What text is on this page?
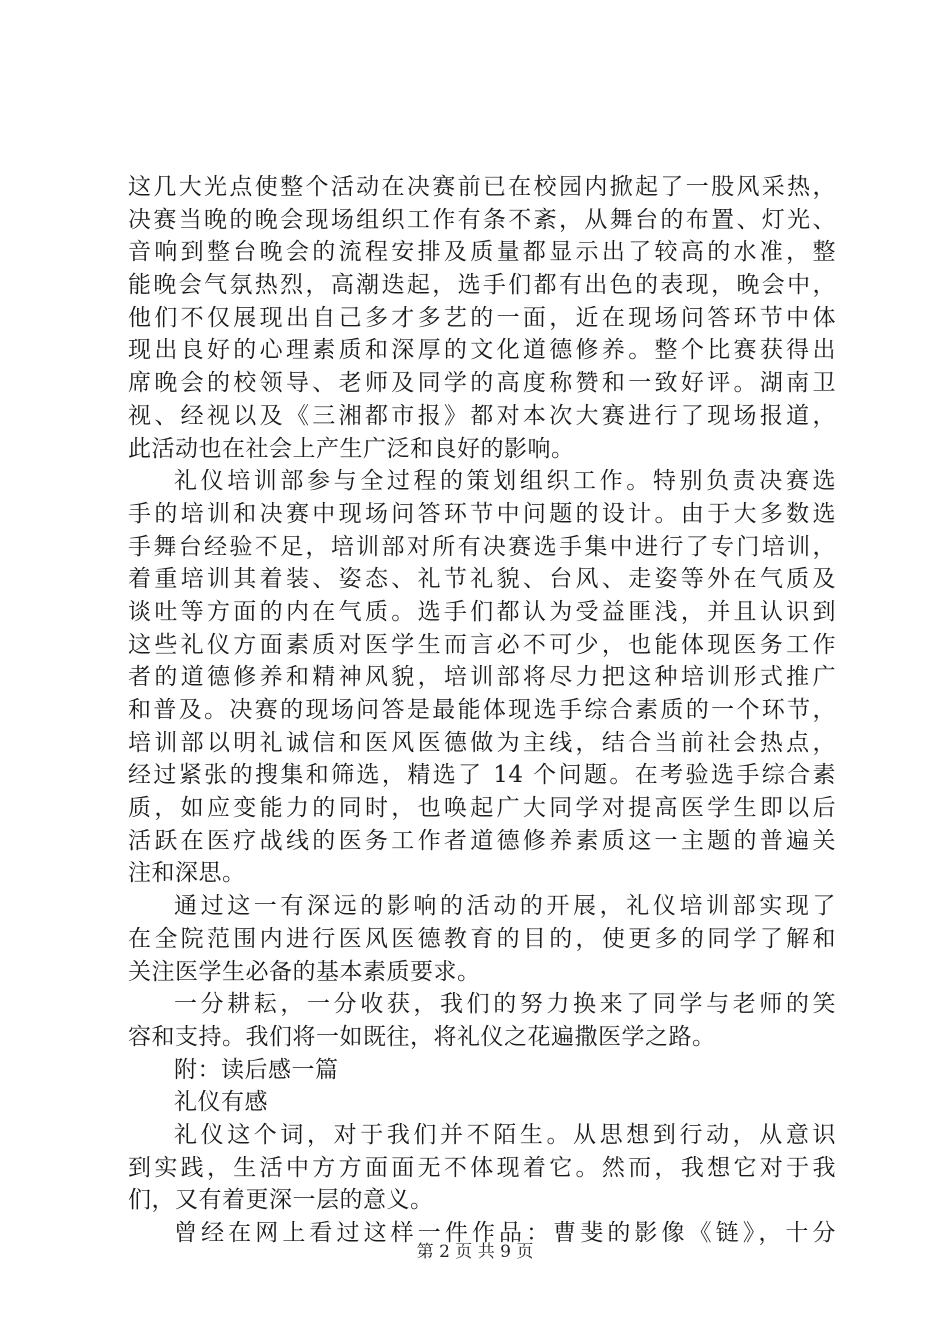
这几大光点使整个活动在决赛前已在校园内掀起了一股风采热，
决赛当晚的晚会现场组织工作有条不紊，从舞台的布置、灯光、
音响到整台晚会的流程安排及质量都显示出了较高的水准，整
能晚会气氛热烈，高潮迭起，选手们都有出色的表现，晚会中，
他们不仅展现出自己多才多艺的一面，近在现场问答环节中体
现出良好的心理素质和深厚的文化道德修养。整个比赛获得出
席晚会的校领导、老师及同学的高度称赞和一致好评。湖南卫
视、经视以及《三湘都市报》都对本次大赛进行了现场报道，
此活动也在社会上产生广泛和良好的影响。
礼仪培训部参与全过程的策划组织工作。特别负责决赛选
手的培训和决赛中现场问答环节中问题的设计。由于大多数选
手舞台经验不足，培训部对所有决赛选手集中进行了专门培训，
着重培训其着装、姿态、礼节礼貌、台风、走姿等外在气质及
谈吐等方面的内在气质。选手们都认为受益匪浅，并且认识到
这些礼仪方面素质对医学生而言必不可少，也能体现医务工作
者的道德修养和精神风貌，培训部将尽力把这种培训形式推广
和普及。决赛的现场问答是最能体现选手综合素质的一个环节，
培训部以明礼诚信和医风医德做为主线，结合当前社会热点，
经过紧张的搜集和筛选，精选了 14 个问题。在考验选手综合素
质，如应变能力的同时，也唤起广大同学对提高医学生即以后
活跃在医疗战线的医务工作者道德修养素质这一主题的普遍关
注和深思。
通过这一有深远的影响的活动的开展，礼仪培训部实现了
在全院范围内进行医风医德教育的目的，使更多的同学了解和
关注医学生必备的基本素质要求。
一分耕耘，一分收获，我们的努力换来了同学与老师的笑
容和支持。我们将一如既往，将礼仪之花遍撒医学之路。
附：读后感一篇
礼仪有感
礼仪这个词，对于我们并不陌生。从思想到行动，从意识
到实践，生活中方方面面无不体现着它。然而，我想它对于我
们，又有着更深一层的意义。
曾经在网上看过这样一件作品：曹斐的影像《链》，十分
第 2 页 共 9 页
